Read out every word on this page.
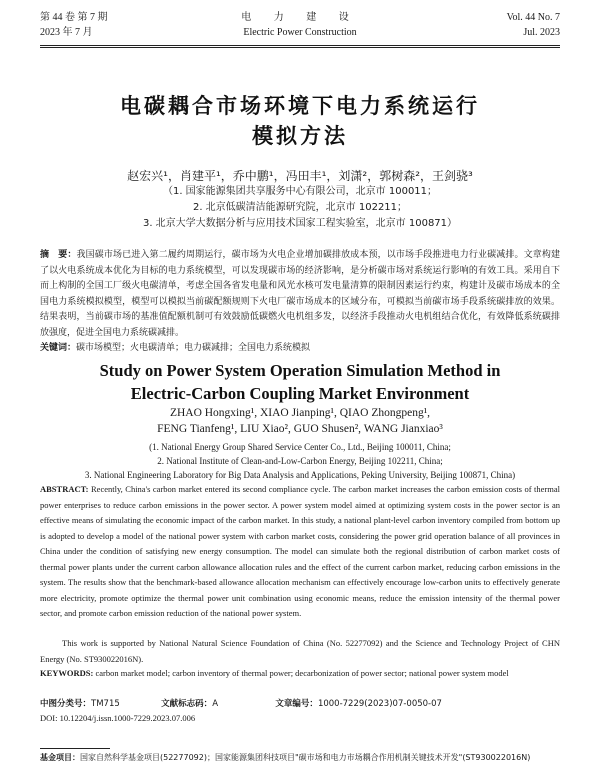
第 44 卷 第 7 期
2023 年 7 月
电 力 建 设
Electric Power Construction
Vol. 44 No. 7
Jul. 2023
电碳耦合市场环境下电力系统运行
模拟方法
赵宏兴¹，肖建平¹，乔中鹏¹，冯田丰¹，刘潇²，郭树森²，王剑骁³
（1. 国家能源集团共享服务中心有限公司，北京市 100011；
2. 北京低碳清洁能源研究院，北京市 102211；
3. 北京大学大数据分析与应用技术国家工程实验室，北京市 100871）
摘　要：我国碳市场已进入第二履约周期运行，碳市场为火电企业增加碳排放成本预，以市场手段推进电力行业碳减排。文章构建了以火电系统成本优化为目标的电力系统模型，可以发现碳市场的经济影响，是分析碳市场对系统运行影响的有效工具。采用自下而上构制的全国工厂级火电碳清单，考虑全国各省发电量和风光水核可发电量清算的限制因素运行约束，构建计及碳市场成本的全国电力系统模拟模型，模型可以模拟当前碳配额规则下火电厂碳市场成本的区域分布，可模拟当前碳市场手段系统碳排放的效果。结果表明，当前碳市场的基准值配额机制可有效鼓励低碳燃火电机组多发，以经济手段推动火电机组结合优化，有效降低系统碳排放强度，促进全国电力系统碳减排。
关键词：碳市场模型；火电碳清单；电力碳减排；全国电力系统模拟
Study on Power System Operation Simulation Method in
Electric-Carbon Coupling Market Environment
ZHAO Hongxing¹, XIAO Jianping¹, QIAO Zhongpeng¹,
FENG Tianfeng¹, LIU Xiao², GUO Shusen², WANG Jianxiao³
(1. National Energy Group Shared Service Center Co., Ltd., Beijing 100011, China;
2. National Institute of Clean-and-Low-Carbon Energy, Beijing 102211, China;
3. National Engineering Laboratory for Big Data Analysis and Applications, Peking University, Beijing 100871, China)
ABSTRACT: Recently, China's carbon market entered its second compliance cycle. The carbon market increases the carbon emission costs of thermal power enterprises to reduce carbon emissions in the power sector. A power system model aimed at optimizing system costs in the power sector is an effective means of simulating the economic impact of the carbon market. In this study, a national plant-level carbon inventory compiled from bottom up is adopted to develop a model of the national power system with carbon market costs, considering the power grid operation balance of all provinces in China under the condition of satisfying new energy consumption. The model can simulate both the regional distribution of carbon market costs of thermal power plants under the current carbon allowance allocation rules and the effect of the current carbon market, reducing carbon emissions in the system. The results show that the benchmark-based allowance allocation mechanism can effectively encourage low-carbon units to effectively generate more electricity, promote optimize the thermal power unit combination using economic means, reduce the emission intensity of the thermal power sector, and promote carbon emission reduction of the national power system.
This work is supported by National Natural Science Foundation of China (No. 52277092) and the Science and Technology Project of CHN Energy (No. ST930022016N).
KEYWORDS: carbon market model; carbon inventory of thermal power; decarbonization of power sector; national power system model
中图分类号：TM715	文献标志码：A	文章编号：1000-7229(2023)07-0050-07
DOI: 10.12204/j.issn.1000-7229.2023.07.006
基金项目：国家自然科学基金项目(52277092)；国家能源集团科技项目"碳市场和电力市场耦合作用机制关键技术开发"(ST930022016N)
